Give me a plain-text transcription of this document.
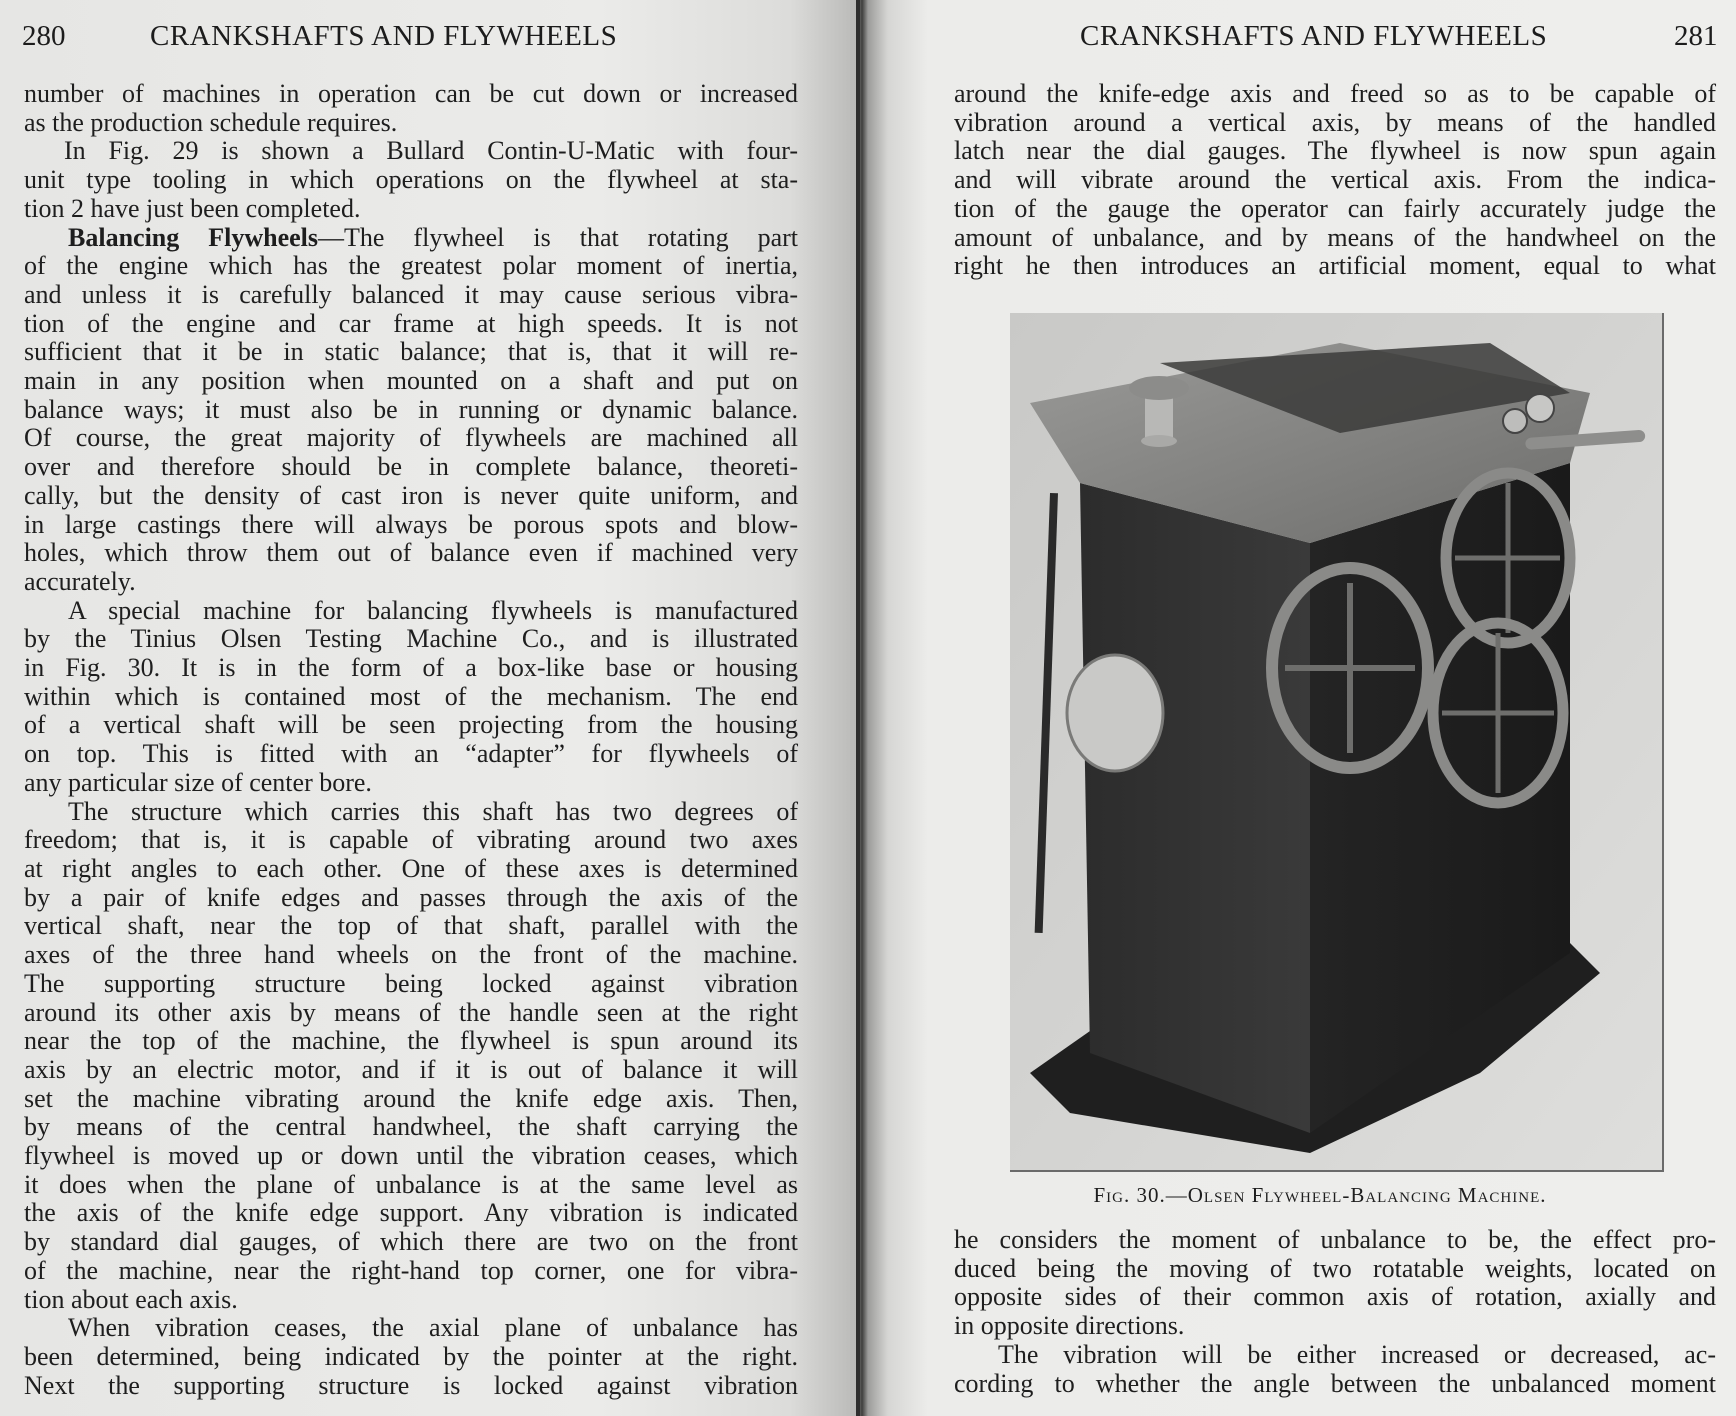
280	CRANKSHAFTS AND FLYWHEELS
number of machines in operation can be cut down or increased
as the production schedule requires.
In Fig. 29 is shown a Bullard Contin-U-Matic with four-
unit type tooling in which operations on the flywheel at sta-
tion 2 have just been completed.
Balancing Flywheels—The flywheel is that rotating part
of the engine which has the greatest polar moment of inertia,
and unless it is carefully balanced it may cause serious vibra-
tion of the engine and car frame at high speeds. It is not
sufficient that it be in static balance; that is, that it will re-
main in any position when mounted on a shaft and put on
balance ways; it must also be in running or dynamic balance.
Of course, the great majority of flywheels are machined all
over and therefore should be in complete balance, theoreti-
cally, but the density of cast iron is never quite uniform, and
in large castings there will always be porous spots and blow-
holes, which throw them out of balance even if machined very
accurately.
A special machine for balancing flywheels is manufactured
by the Tinius Olsen Testing Machine Co., and is illustrated
in Fig. 30. It is in the form of a box-like base or housing
within which is contained most of the mechanism. The end
of a vertical shaft will be seen projecting from the housing
on top. This is fitted with an “adapter” for flywheels of
any particular size of center bore.
The structure which carries this shaft has two degrees of
freedom; that is, it is capable of vibrating around two axes
at right angles to each other. One of these axes is determined
by a pair of knife edges and passes through the axis of the
vertical shaft, near the top of that shaft, parallel with the
axes of the three hand wheels on the front of the machine.
The supporting structure being locked against vibration
around its other axis by means of the handle seen at the right
near the top of the machine, the flywheel is spun around its
axis by an electric motor, and if it is out of balance it will
set the machine vibrating around the knife edge axis. Then,
by means of the central handwheel, the shaft carrying the
flywheel is moved up or down until the vibration ceases, which
it does when the plane of unbalance is at the same level as
the axis of the knife edge support. Any vibration is indicated
by standard dial gauges, of which there are two on the front
of the machine, near the right-hand top corner, one for vibra-
tion about each axis.
When vibration ceases, the axial plane of unbalance has
been determined, being indicated by the pointer at the right.
Next the supporting structure is locked against vibration
CRANKSHAFTS AND FLYWHEELS	281
around the knife-edge axis and freed so as to be capable of
vibration around a vertical axis, by means of the handled
latch near the dial gauges. The flywheel is now spun again
and will vibrate around the vertical axis. From the indica-
tion of the gauge the operator can fairly accurately judge the
amount of unbalance, and by means of the handwheel on the
right he then introduces an artificial moment, equal to what
he considers the moment of unbalance to be, the effect pro-
duced being the moving of two rotatable weights, located on
opposite sides of their common axis of rotation, axially and
in opposite directions.
The vibration will be either increased or decreased, ac-
cording to whether the angle between the unbalanced moment
Fig. 30.—Olsen Flywheel-Balancing Machine.
